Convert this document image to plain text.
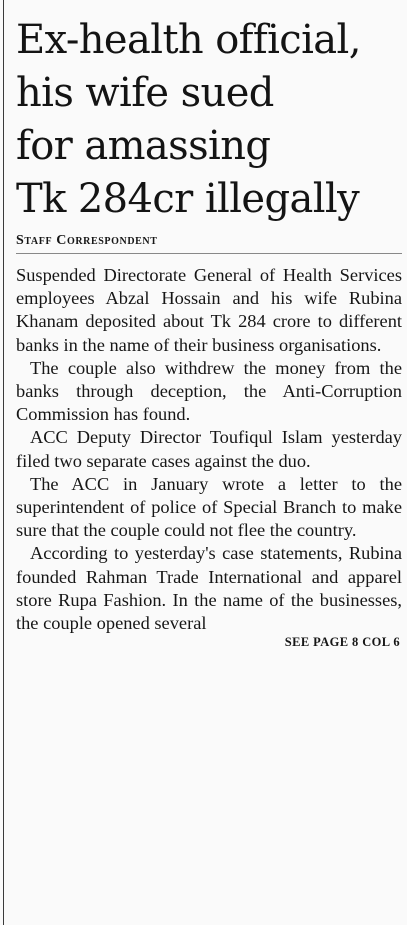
Ex-health official,
his wife sued
for amassing
Tk 284cr illegally
Staff Correspondent

Suspended Directorate General of Health Services employees Abzal Hossain and his wife Rubina Khanam deposited about Tk 284 crore to different banks in the name of their business organisations.

The couple also withdrew the money from the banks through deception, the Anti-Corruption Commission has found.

ACC Deputy Director Toufiqul Islam yesterday filed two separate cases against the duo.

The ACC in January wrote a letter to the superintendent of police of Special Branch to make sure that the couple could not flee the country.

According to yesterday's case statements, Rubina founded Rahman Trade International and apparel store Rupa Fashion. In the name of the businesses, the couple opened several

SEE PAGE 8 COL 6
